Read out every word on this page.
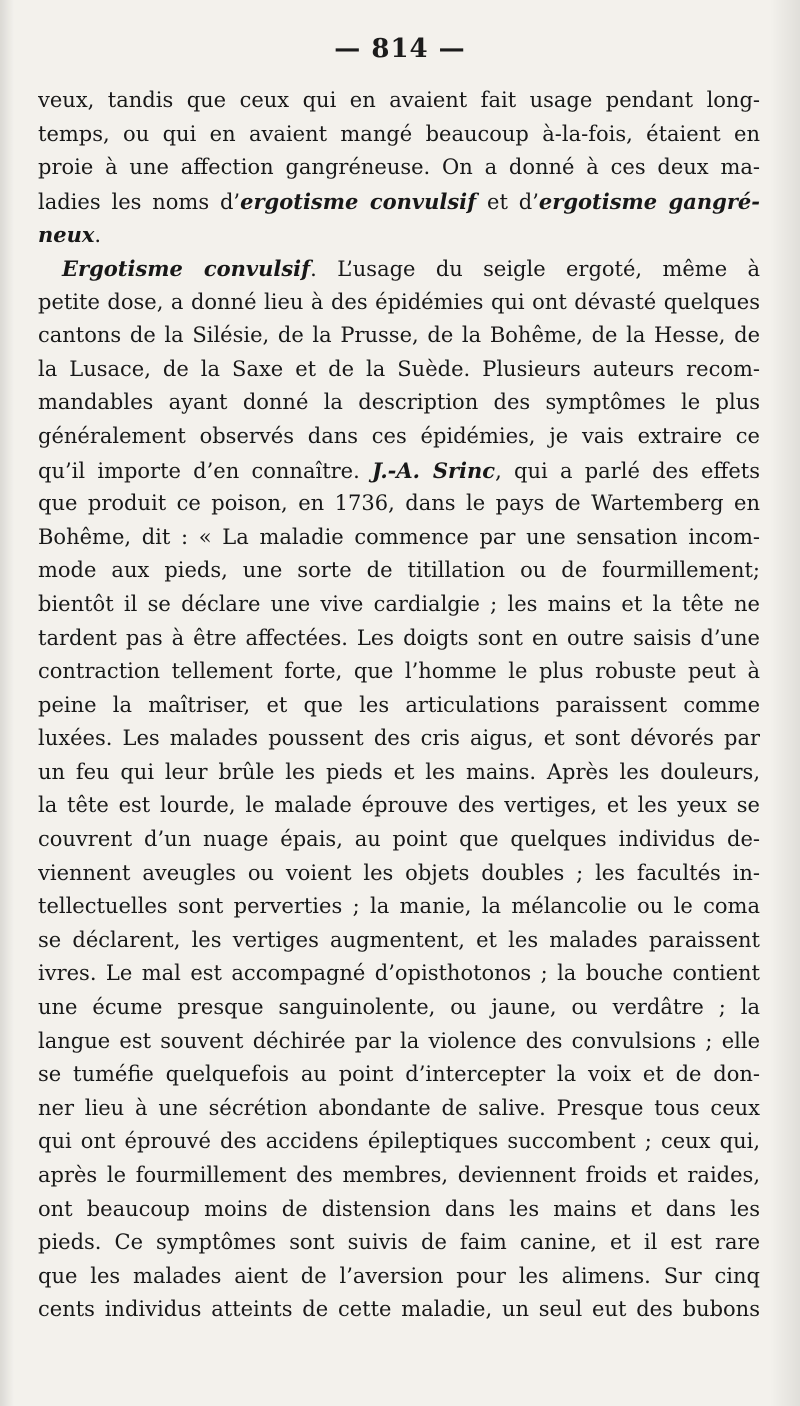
— 814 —
veux, tandis que ceux qui en avaient fait usage pendant long-
temps, ou qui en avaient mangé beaucoup à-la-fois, étaient en
proie à une affection gangréneuse. On a donné à ces deux ma-
ladies les noms d’ergotisme convulsif et d’ergotisme gangré-
neux.
Ergotisme convulsif. L’usage du seigle ergoté, même à
petite dose, a donné lieu à des épidémies qui ont dévasté quelques
cantons de la Silésie, de la Prusse, de la Bohême, de la Hesse, de
la Lusace, de la Saxe et de la Suède. Plusieurs auteurs recom-
mandables ayant donné la description des symptômes le plus
généralement observés dans ces épidémies, je vais extraire ce
qu’il importe d’en connaître. J.-A. Srinc, qui a parlé des effets
que produit ce poison, en 1736, dans le pays de Wartemberg en
Bohême, dit : « La maladie commence par une sensation incom-
mode aux pieds, une sorte de titillation ou de fourmillement;
bientôt il se déclare une vive cardialgie ; les mains et la tête ne
tardent pas à être affectées. Les doigts sont en outre saisis d’une
contraction tellement forte, que l’homme le plus robuste peut à
peine la maîtriser, et que les articulations paraissent comme
luxées. Les malades poussent des cris aigus, et sont dévorés par
un feu qui leur brûle les pieds et les mains. Après les douleurs,
la tête est lourde, le malade éprouve des vertiges, et les yeux se
couvrent d’un nuage épais, au point que quelques individus de-
viennent aveugles ou voient les objets doubles ; les facultés in-
tellectuelles sont perverties ; la manie, la mélancolie ou le coma
se déclarent, les vertiges augmentent, et les malades paraissent
ivres. Le mal est accompagné d’opisthotonos ; la bouche contient
une écume presque sanguinolente, ou jaune, ou verdâtre ; la
langue est souvent déchirée par la violence des convulsions ; elle
se tuméfie quelquefois au point d’intercepter la voix et de don-
ner lieu à une sécrétion abondante de salive. Presque tous ceux
qui ont éprouvé des accidens épileptiques succombent ; ceux qui,
après le fourmillement des membres, deviennent froids et raides,
ont beaucoup moins de distension dans les mains et dans les
pieds. Ce symptômes sont suivis de faim canine, et il est rare
que les malades aient de l’aversion pour les alimens. Sur cinq
cents individus atteints de cette maladie, un seul eut des bubons
